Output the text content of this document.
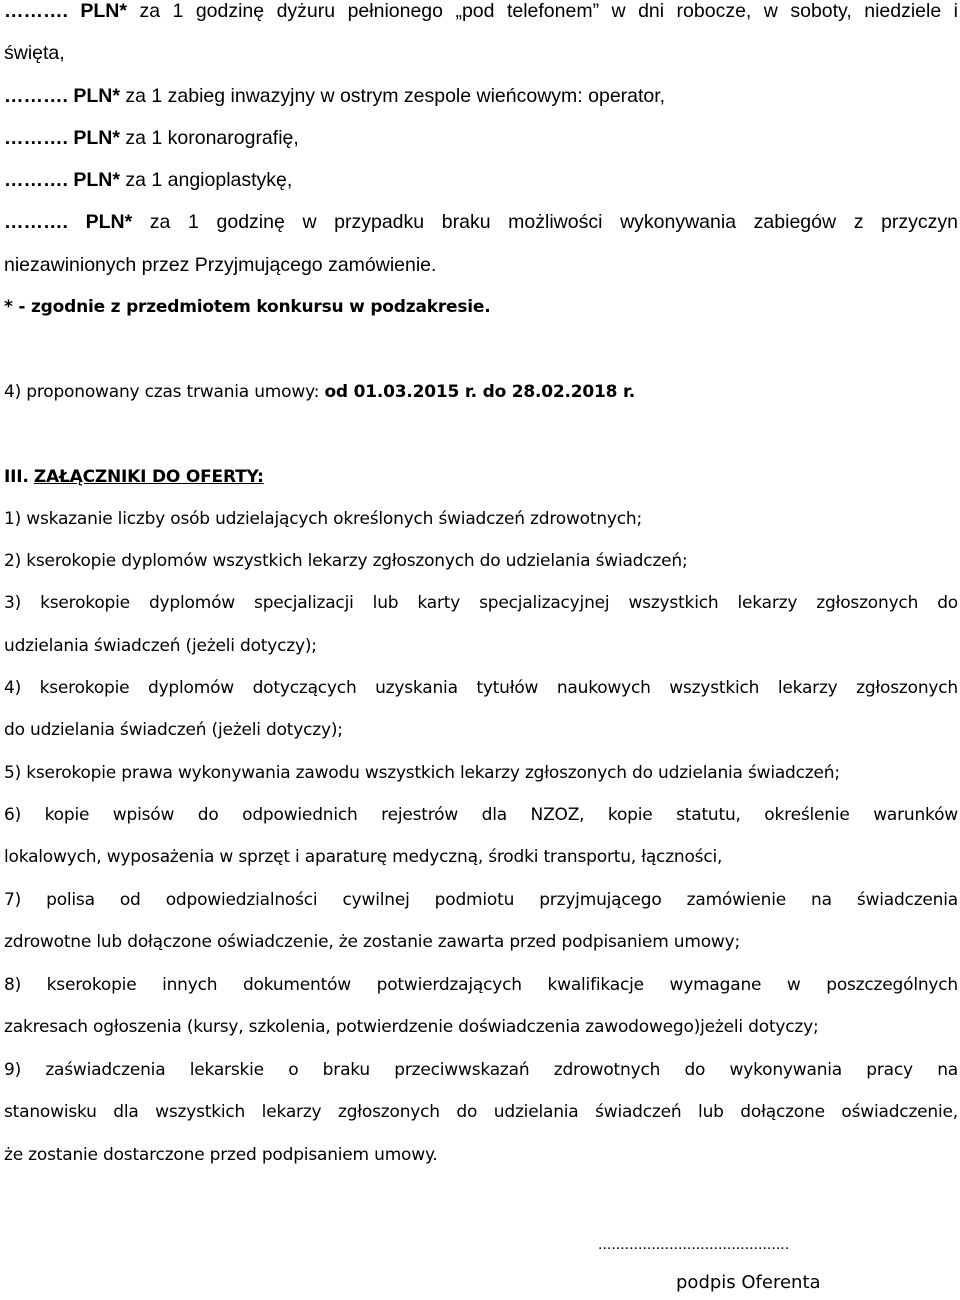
………. PLN* za 1 godzinę dyżuru pełnionego „pod telefonem” w dni robocze, w soboty, niedziele i
święta,
………. PLN* za 1 zabieg inwazyjny w ostrym zespole wieńcowym: operator,
………. PLN* za 1 koronarografię,
………. PLN* za 1 angioplastykę,
………. PLN* za 1 godzinę w przypadku braku możliwości wykonywania zabiegów z przyczyn
niezawinionych przez Przyjmującego zamówienie.
* - zgodnie z przedmiotem konkursu w podzakresie.
4) proponowany czas trwania umowy: od 01.03.2015 r. do 28.02.2018 r.
III. ZAŁĄCZNIKI DO OFERTY:
1) wskazanie liczby osób udzielających określonych świadczeń zdrowotnych;
2) kserokopie dyplomów wszystkich lekarzy zgłoszonych do udzielania świadczeń;
3) kserokopie dyplomów specjalizacji lub karty specjalizacyjnej wszystkich lekarzy zgłoszonych do
udzielania świadczeń (jeżeli dotyczy);
4) kserokopie dyplomów dotyczących uzyskania tytułów naukowych wszystkich lekarzy zgłoszonych
do udzielania świadczeń (jeżeli dotyczy);
5) kserokopie prawa wykonywania zawodu wszystkich lekarzy zgłoszonych do udzielania świadczeń;
6) kopie wpisów do odpowiednich rejestrów dla NZOZ, kopie statutu, określenie warunków
lokalowych, wyposażenia w sprzęt i aparaturę medyczną, środki transportu, łączności,
7) polisa od odpowiedzialności cywilnej podmiotu przyjmującego zamówienie na świadczenia
zdrowotne lub dołączone oświadczenie, że zostanie zawarta przed podpisaniem umowy;
8) kserokopie innych dokumentów potwierdzających kwalifikacje wymagane w poszczególnych
zakresach ogłoszenia (kursy, szkolenia, potwierdzenie doświadczenia zawodowego)jeżeli dotyczy;
9) zaświadczenia lekarskie o braku przeciwwskazań zdrowotnych do wykonywania pracy na
stanowisku dla wszystkich lekarzy zgłoszonych do udzielania świadczeń lub dołączone oświadczenie,
że zostanie dostarczone przed podpisaniem umowy.
...........................................
podpis Oferenta
